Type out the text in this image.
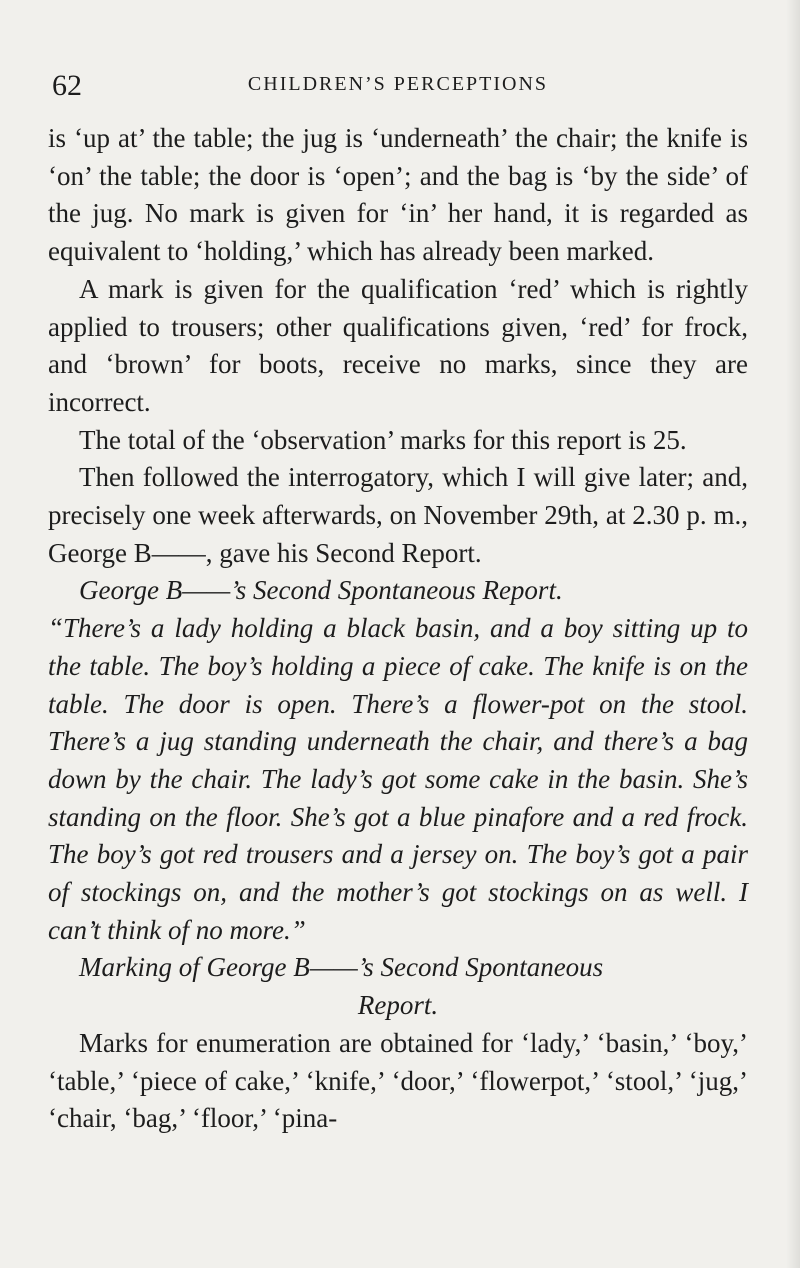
62	CHILDREN’S PERCEPTIONS

is ‘up at’ the table; the jug is ‘underneath’ the chair; the knife is ‘on’ the table; the door is ‘open’; and the bag is ‘by the side’ of the jug. No mark is given for ‘in’ her hand, it is regarded as equivalent to ‘holding,’ which has already been marked.

A mark is given for the qualification ‘red’ which is rightly applied to trousers; other qualifications given, ‘red’ for frock, and ‘brown’ for boots, receive no marks, since they are incorrect.

The total of the ‘observation’ marks for this report is 25.

Then followed the interrogatory, which I will give later; and, precisely one week afterwards, on November 29th, at 2.30 p. m., George B——, gave his Second Report.

George B——’s Second Spontaneous Report.

“There’s a lady holding a black basin, and a boy sitting up to the table. The boy’s holding a piece of cake. The knife is on the table. The door is open. There’s a flower-pot on the stool. There’s a jug standing underneath the chair, and there’s a bag down by the chair. The lady’s got some cake in the basin. She’s standing on the floor. She’s got a blue pinafore and a red frock. The boy’s got red trousers and a jersey on. The boy’s got a pair of stockings on, and the mother’s got stockings on as well. I can’t think of no more.”

Marking of George B——’s Second Spontaneous

Report.

Marks for enumeration are obtained for ‘lady,’ ‘basin,’ ‘boy,’ ‘table,’ ‘piece of cake,’ ‘knife,’ ‘door,’ ‘flowerpot,’ ‘stool,’ ‘jug,’ ‘chair, ‘bag,’ ‘floor,’ ‘pina-
